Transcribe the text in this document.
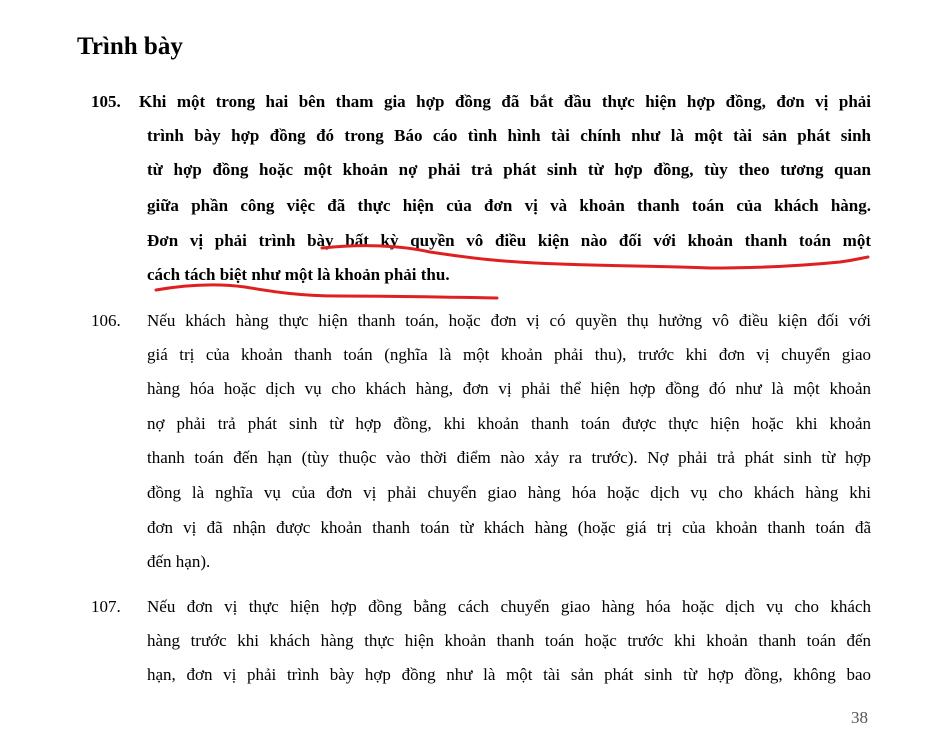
Trình bày
105. Khi một trong hai bên tham gia hợp đồng đã bắt đầu thực hiện hợp đồng, đơn vị phải
trình bày hợp đồng đó trong Báo cáo tình hình tài chính như là một tài sản phát sinh
từ hợp đồng hoặc một khoản nợ phải trả phát sinh từ hợp đồng, tùy theo tương quan
giữa phần công việc đã thực hiện của đơn vị và khoản thanh toán của khách hàng.
Đơn vị phải trình bày bất kỳ quyền vô điều kiện nào đối với khoản thanh toán một
cách tách biệt như một là khoản phải thu.
106. Nếu khách hàng thực hiện thanh toán, hoặc đơn vị có quyền thụ hưởng vô điều kiện đối với
giá trị của khoản thanh toán (nghĩa là một khoản phải thu), trước khi đơn vị chuyển giao
hàng hóa hoặc dịch vụ cho khách hàng, đơn vị phải thể hiện hợp đồng đó như là một khoản
nợ phải trả phát sinh từ hợp đồng, khi khoản thanh toán được thực hiện hoặc khi khoản
thanh toán đến hạn (tùy thuộc vào thời điểm nào xảy ra trước). Nợ phải trả phát sinh từ hợp
đồng là nghĩa vụ của đơn vị phải chuyển giao hàng hóa hoặc dịch vụ cho khách hàng khi
đơn vị đã nhận được khoản thanh toán từ khách hàng (hoặc giá trị của khoản thanh toán đã
đến hạn).
107. Nếu đơn vị thực hiện hợp đồng bằng cách chuyển giao hàng hóa hoặc dịch vụ cho khách
hàng trước khi khách hàng thực hiện khoản thanh toán hoặc trước khi khoản thanh toán đến
hạn, đơn vị phải trình bày hợp đồng như là một tài sản phát sinh từ hợp đồng, không bao
38
